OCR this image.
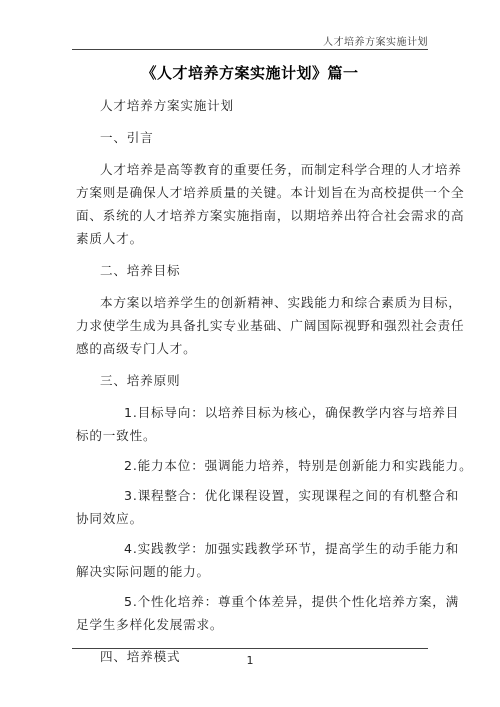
人才培养方案实施计划
《人才培养方案实施计划》篇一

人才培养方案实施计划

一、引言

人才培养是高等教育的重要任务，而制定科学合理的人才培养

方案则是确保人才培养质量的关键。本计划旨在为高校提供一个全

面、系统的人才培养方案实施指南，以期培养出符合社会需求的高

素质人才。

二、培养目标

本方案以培养学生的创新精神、实践能力和综合素质为目标，

力求使学生成为具备扎实专业基础、广阔国际视野和强烈社会责任

感的高级专门人才。

三、培养原则

1.目标导向：以培养目标为核心，确保教学内容与培养目

标的一致性。

2.能力本位：强调能力培养，特别是创新能力和实践能力。

3.课程整合：优化课程设置，实现课程之间的有机整合和

协同效应。

4.实践教学：加强实践教学环节，提高学生的动手能力和

解决实际问题的能力。

5.个性化培养：尊重个体差异，提供个性化培养方案，满

足学生多样化发展需求。

四、培养模式	1
